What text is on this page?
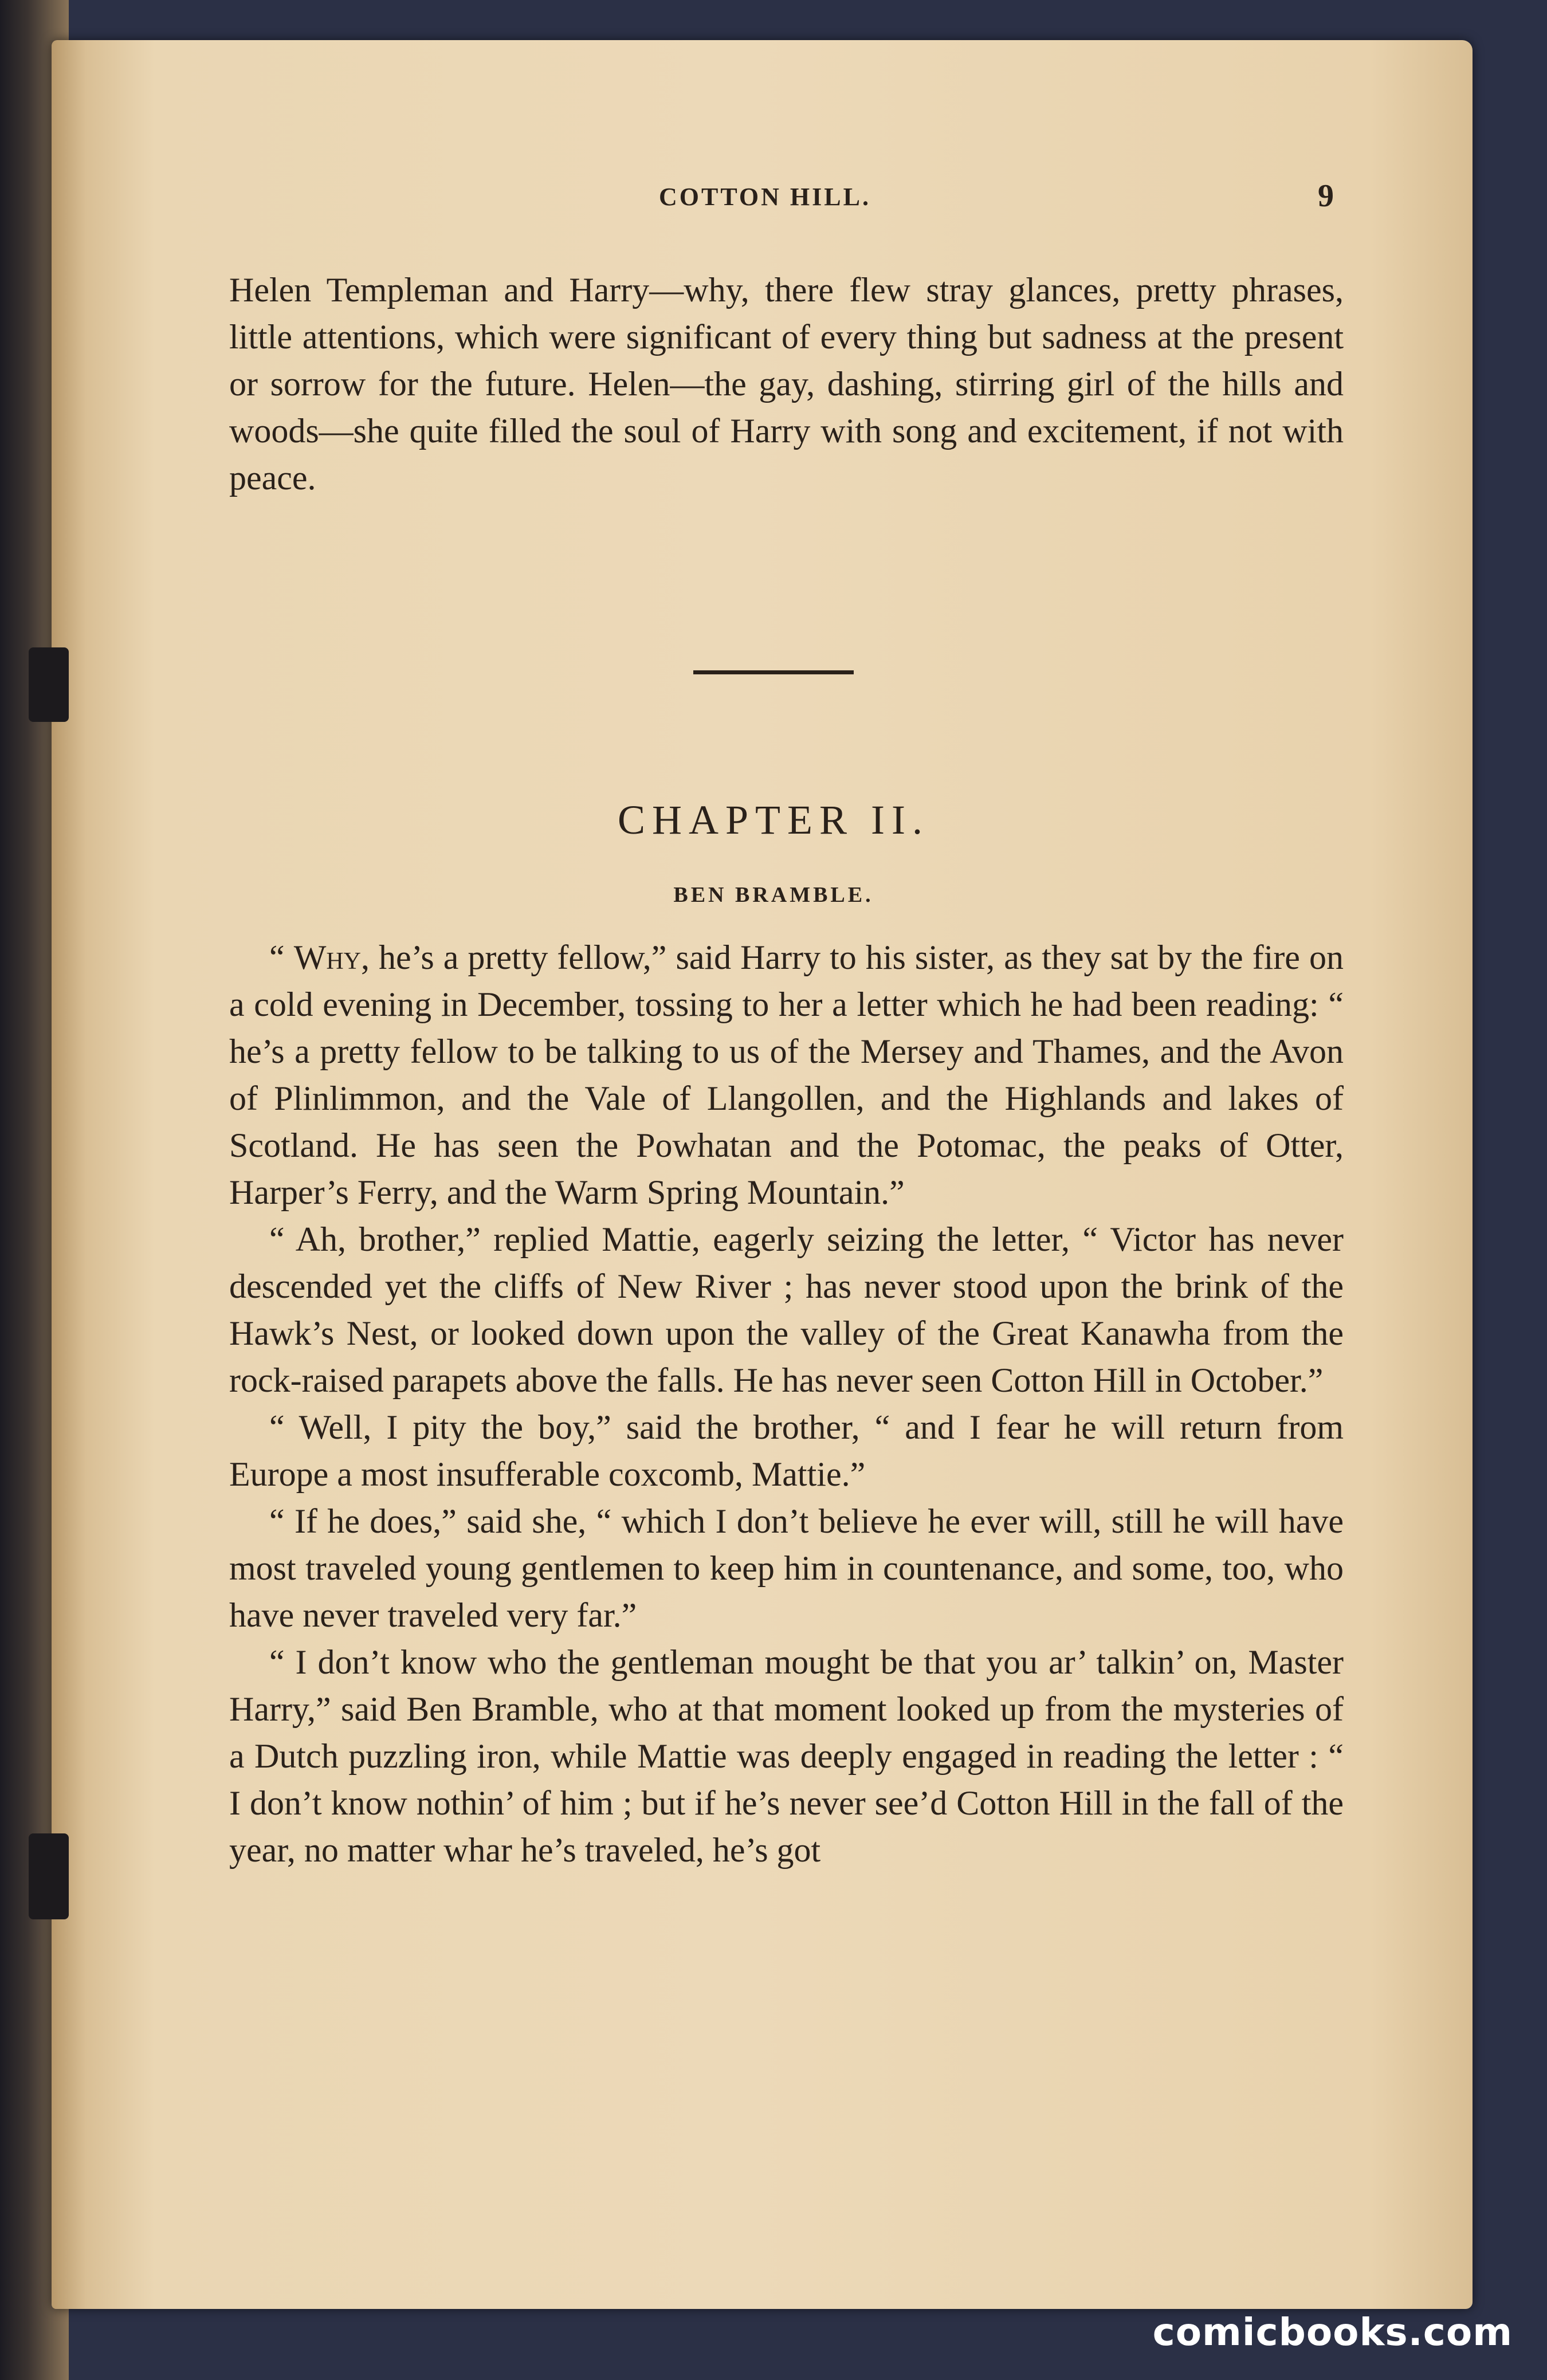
COTTON HILL.	9

Helen Templeman and Harry—why, there flew stray glances, pretty phrases, little attentions, which were significant of every thing but sadness at the present or sorrow for the future. Helen—the gay, dashing, stirring girl of the hills and woods—she quite filled the soul of Harry with song and excitement, if not with peace.

CHAPTER II.
BEN BRAMBLE.

“ Why, he’s a pretty fellow,” said Harry to his sister, as they sat by the fire on a cold evening in December, tossing to her a letter which he had been reading: “ he’s a pretty fellow to be talking to us of the Mersey and Thames, and the Avon of Plinlimmon, and the Vale of Llangollen, and the Highlands and lakes of Scotland. He has seen the Powhatan and the Potomac, the peaks of Otter, Harper’s Ferry, and the Warm Spring Mountain.”

“ Ah, brother,” replied Mattie, eagerly seizing the letter, “ Victor has never descended yet the cliffs of New River ; has never stood upon the brink of the Hawk’s Nest, or looked down upon the valley of the Great Kanawha from the rock-raised parapets above the falls. He has never seen Cotton Hill in October.”

“ Well, I pity the boy,” said the brother, “ and I fear he will return from Europe a most insufferable coxcomb, Mattie.”

“ If he does,” said she, “ which I don’t believe he ever will, still he will have most traveled young gentlemen to keep him in countenance, and some, too, who have never traveled very far.”

“ I don’t know who the gentleman mought be that you ar’ talkin’ on, Master Harry,” said Ben Bramble, who at that moment looked up from the mysteries of a Dutch puzzling iron, while Mattie was deeply engaged in reading the letter : “ I don’t know nothin’ of him ; but if he’s never see’d Cotton Hill in the fall of the year, no matter whar he’s traveled, he’s got

comicbooks.com
